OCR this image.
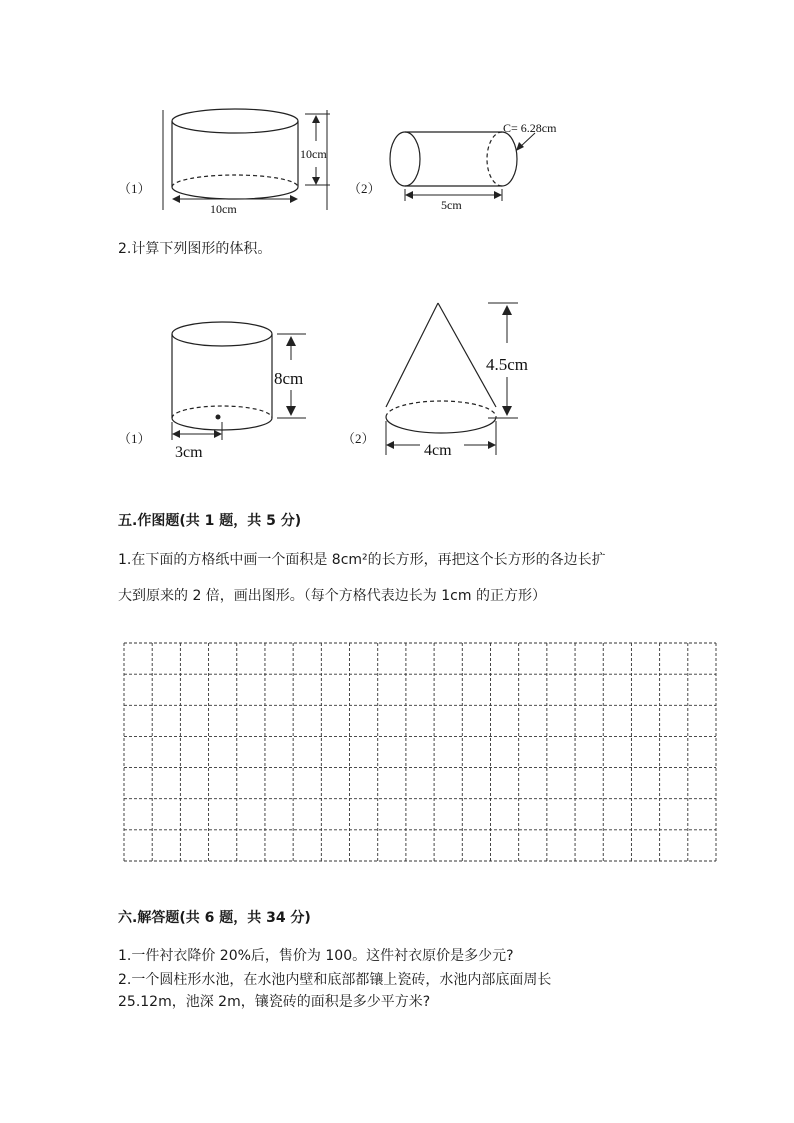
（1）
10cm
10cm
（2）
C= 6.28cm
5cm
2.计算下列图形的体积。
（1）
8cm
3cm
（2）
4.5cm
4cm
五.作图题(共 1 题，共 5 分)
1.在下面的方格纸中画一个面积是 8cm²的长方形，再把这个长方形的各边长扩
大到原来的 2 倍，画出图形。（每个方格代表边长为 1cm 的正方形）
六.解答题(共 6 题，共 34 分)
1.一件衬衣降价 20%后，售价为 100。这件衬衣原价是多少元?
2.一个圆柱形水池，在水池内壁和底部都镶上瓷砖，水池内部底面周长
25.12m，池深 2m，镶瓷砖的面积是多少平方米?
